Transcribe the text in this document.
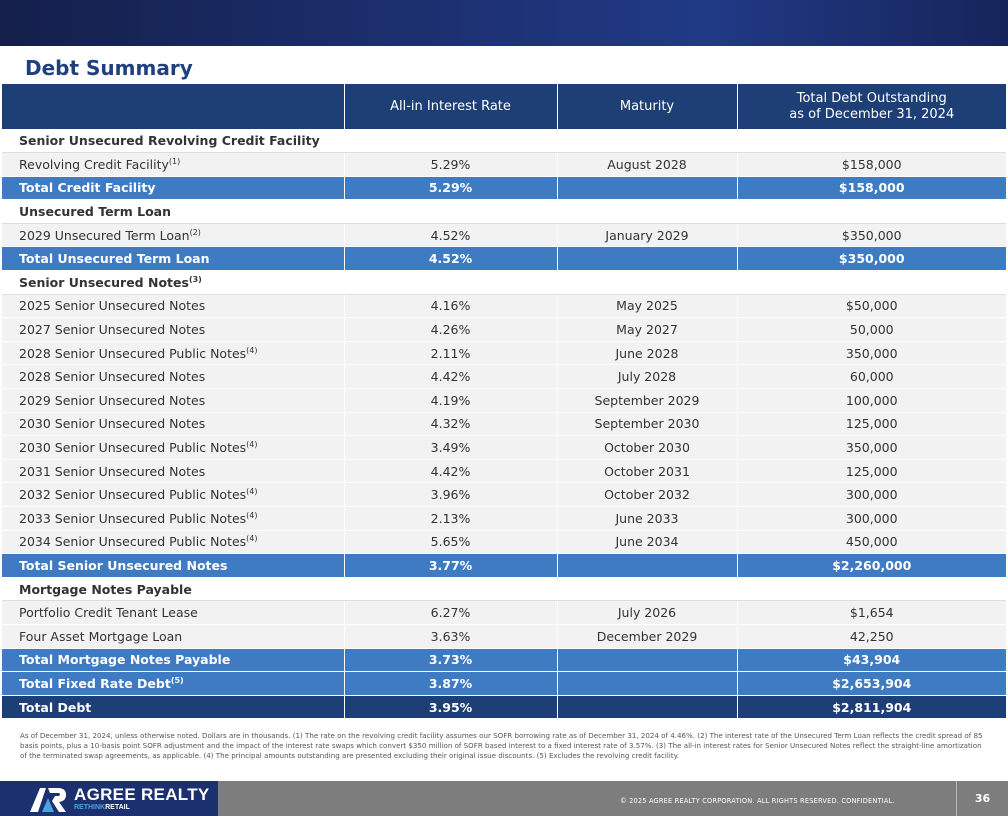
Debt Summary
	All-in Interest Rate	Maturity	Total Debt Outstanding
as of December 31, 2024
Senior Unsecured Revolving Credit Facility			
Revolving Credit Facility$^{(1)}$	5.29%	August 2028	$158,000
Total Credit Facility	5.29%		$158,000
Unsecured Term Loan			
2029 Unsecured Term Loan$^{(2)}$	4.52%	January 2029	$350,000
Total Unsecured Term Loan	4.52%		$350,000
Senior Unsecured Notes$^{(3)}$			
2025 Senior Unsecured Notes	4.16%	May 2025	$50,000
2027 Senior Unsecured Notes	4.26%	May 2027	50,000
2028 Senior Unsecured Public Notes$^{(4)}$	2.11%	June 2028	350,000
2028 Senior Unsecured Notes	4.42%	July 2028	60,000
2029 Senior Unsecured Notes	4.19%	September 2029	100,000
2030 Senior Unsecured Notes	4.32%	September 2030	125,000
2030 Senior Unsecured Public Notes$^{(4)}$	3.49%	October 2030	350,000
2031 Senior Unsecured Notes	4.42%	October 2031	125,000
2032 Senior Unsecured Public Notes$^{(4)}$	3.96%	October 2032	300,000
2033 Senior Unsecured Public Notes$^{(4)}$	2.13%	June 2033	300,000
2034 Senior Unsecured Public Notes$^{(4)}$	5.65%	June 2034	450,000
Total Senior Unsecured Notes	3.77%		$2,260,000
Mortgage Notes Payable			
Portfolio Credit Tenant Lease	6.27%	July 2026	$1,654
Four Asset Mortgage Loan	3.63%	December 2029	42,250
Total Mortgage Notes Payable	3.73%		$43,904
Total Fixed Rate Debt$^{(5)}$	3.87%		$2,653,904
Total Debt	3.95%		$2,811,904
As of December 31, 2024, unless otherwise noted. Dollars are in thousands. (1) The rate on the revolving credit facility assumes our SOFR borrowing rate as of December 31, 2024 of 4.46%. (2) The interest rate of the Unsecured Term Loan reflects the credit spread of 85 basis points, plus a 10-basis point SOFR adjustment and the impact of the interest rate swaps which convert $350 million of SOFR based interest to a fixed interest rate of 3.57%. (3) The all-in interest rates for Senior Unsecured Notes reflect the straight-line amortization of the terminated swap agreements, as applicable. (4) The principal amounts outstanding are presented excluding their original issue discounts. (5) Excludes the revolving credit facility.
AGREE REALTY
RETHINKRETAIL
© 2025 AGREE REALTY CORPORATION. ALL RIGHTS RESERVED. CONFIDENTIAL.	36
